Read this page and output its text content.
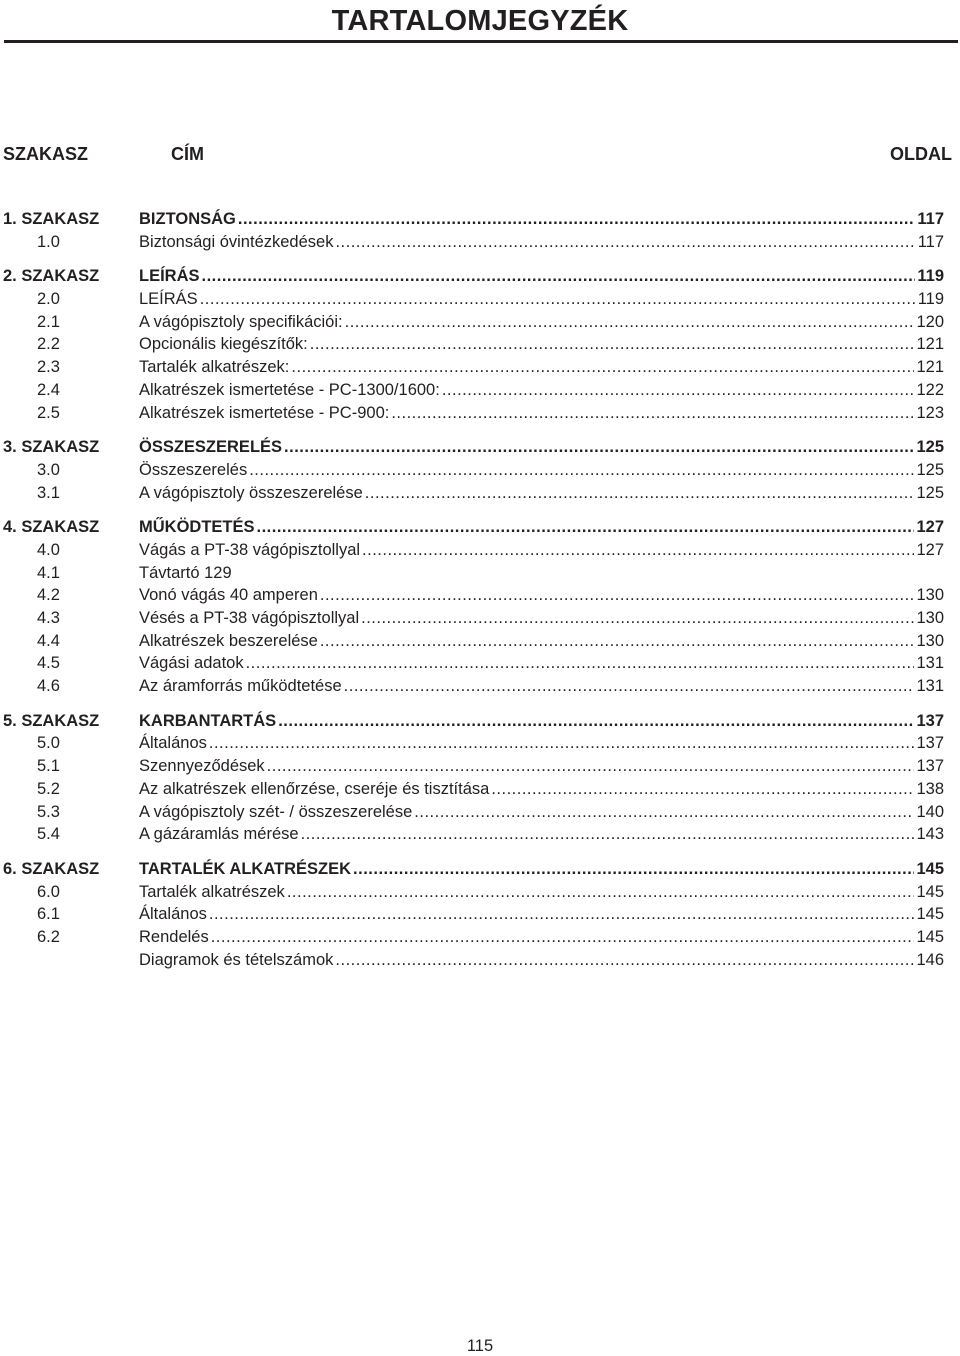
TARTALOMJEGYZÉK
SZAKASZ	CÍM	OLDAL
1. SZAKASZ	BIZTONSÁG .....	117
1.0	Biztonsági óvintézkedések .....	117
2. SZAKASZ	LEÍRÁS .....	119
2.0	LEÍRÁS .....	119
2.1	A vágópisztoly specifikációi: .....	120
2.2	Opcionális kiegészítők: .....	121
2.3	Tartalék alkatrészek: .....	121
2.4	Alkatrészek ismertetése - PC-1300/1600: .....	122
2.5	Alkatrészek ismertetése - PC-900: .....	123
3. SZAKASZ	ÖSSZESZERELÉS .....	125
3.0	Összeszerelés .....	125
3.1	A vágópisztoly összeszerelése .....	125
4. SZAKASZ	MŰKÖDTETÉS .....	127
4.0	Vágás a PT-38 vágópisztollyal .....	127
4.1	Távtartó 129
4.2	Vonó vágás 40 amperen .....	130
4.3	Vésés a PT-38 vágópisztollyal .....	130
4.4	Alkatrészek beszerelése .....	130
4.5	Vágási adatok .....	131
4.6	Az áramforrás működtetése .....	131
5. SZAKASZ	KARBANTARTÁS .....	137
5.0	Általános .....	137
5.1	Szennyeződések .....	137
5.2	Az alkatrészek ellenőrzése, cseréje és tisztítása .....	138
5.3	A vágópisztoly szét- / összeszerelése .....	140
5.4	A gázáramlás mérése .....	143
6. SZAKASZ	TARTALÉK ALKATRÉSZEK .....	145
6.0	Tartalék alkatrészek .....	145
6.1	Általános .....	145
6.2	Rendelés .....	145
Diagramok és tételszámok .....	146
115
